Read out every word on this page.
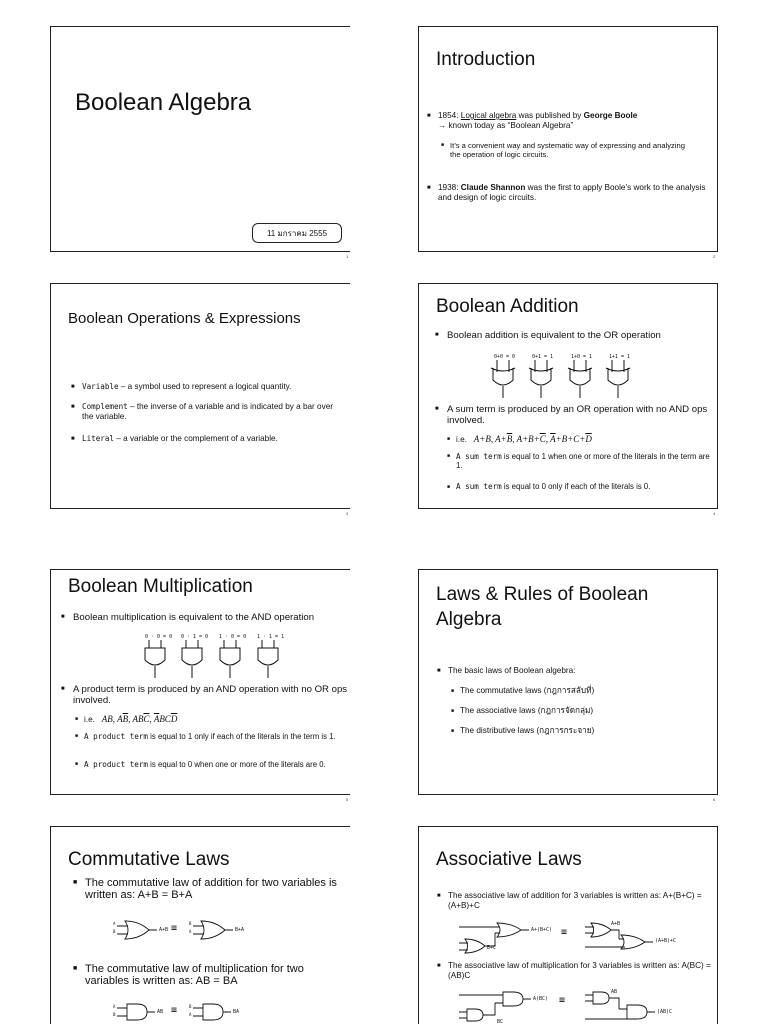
Boolean Algebra
11 มกราคม 2555
1
Introduction
■ 1854: Logical algebra was published by George Boole
→ known today as “Boolean Algebra”
■ It’s a convenient way and systematic way of expressing and analyzing the operation of logic circuits.
■ 1938: Claude Shannon was the first to apply Boole’s work to the analysis and design of logic circuits.
2
Boolean Operations & Expressions
■ Variable – a symbol used to represent a logical quantity.
■ Complement – the inverse of a variable and is indicated by a bar over the variable.
■ Literal – a variable or the complement of a variable.
3
Boolean Addition
■ Boolean addition is equivalent to the OR operation
0+0 = 0	0+1 = 1	1+0 = 1	1+1 = 1
■ A sum term is produced by an OR operation with no AND ops involved.
■ i.e. A+B, $A+\overline{B}$, $A+B+\overline{C}$, $\overline{A}+B+C+\overline{D}$
■ A sum term is equal to 1 when one or more of the literals in the term are 1.
■ A sum term is equal to 0 only if each of the literals is 0.
4
Boolean Multiplication
■ Boolean multiplication is equivalent to the AND operation
0 · 0 = 0 0 · 1 = 0 1 · 0 = 0 1 · 1 = 1
■ A product term is produced by an AND operation with no OR ops involved.
■ i.e. AB, $A\overline{B}$, $AB\overline{C}$, $\overline{A}BC\overline{D}$
■ A product term is equal to 1 only if each of the literals in the term is 1.
■ A product term is equal to 0 when one or more of the literals are 0.
5
Laws & Rules of Boolean Algebra
■ The basic laws of Boolean algebra:
■ The commutative laws (กฎการสลับที่)
■ The associative laws (กฎการจัดกลุ่ม)
■ The distributive laws (กฎการกระจาย)
6
Commutative Laws
■ The commutative law of addition for two variables is written as: A+B = B+A
A
B	A+B ≡	B
A	B+A
■ The commutative law of multiplication for two variables is written as: AB = BA
A
B	AB ≡	B
A	BA
Associative Laws
■ The associative law of addition for 3 variables is written as: A+(B+C) = (A+B)+C
A+(B+C)
B+C
≡
A+B
(A+B)+C
■ The associative law of multiplication for 3 variables is written as: A(BC) = (AB)C
A(BC)
BC
≡
AB
(AB)C
